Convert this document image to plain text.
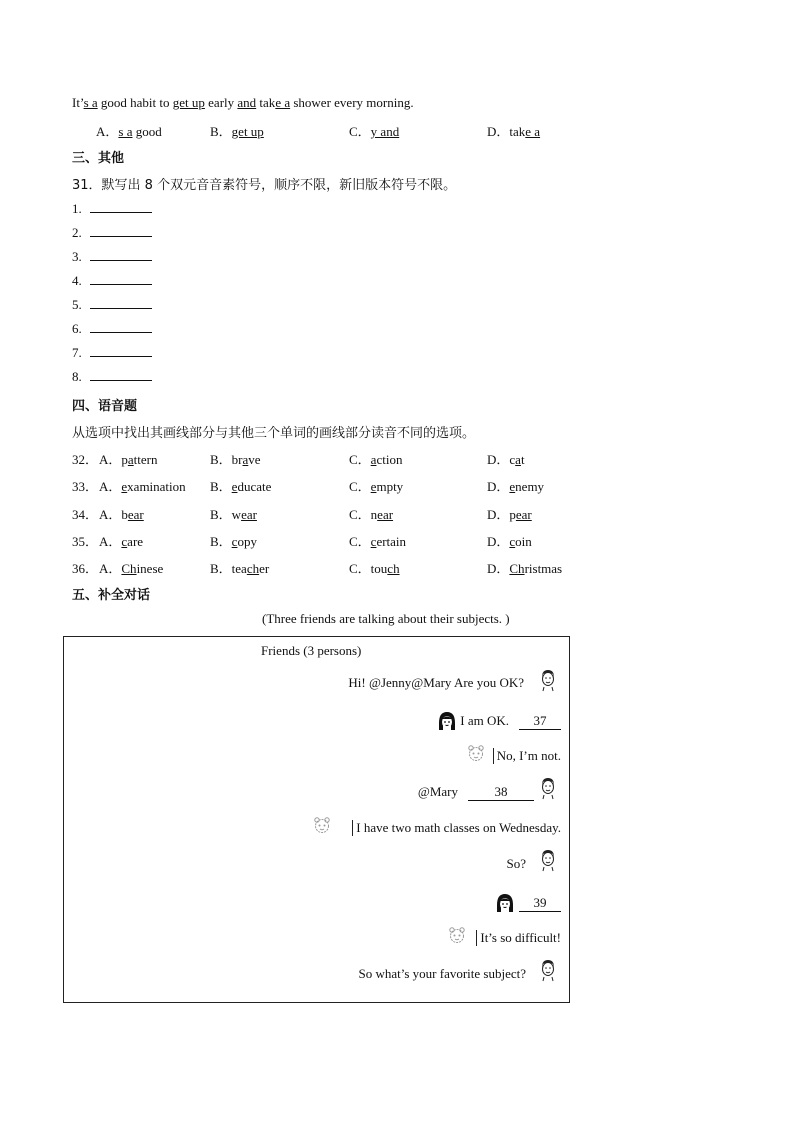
It’s a good habit to get up early and take a shower every morning.
A．s a good	B．get up	C．y and	D．take a
三、其他
31．默写出 8 个双元音音素符号，顺序不限，新旧版本符号不限。
1.
2.
3.
4.
5.
6.
7.
8.
四、语音题
从选项中找出其画线部分与其他三个单词的画线部分读音不同的选项。
32． A．pattern	B．brave	C．action	D．cat
33． A．examination B．educate	C．empty	D．enemy
34． A．bear	B．wear	C．near	D．pear
35． A．care	B．copy	C．certain	D．coin
36． A．Chinese	B．teacher	C．touch	D．Christmas
五、补全对话
(Three friends are talking about their subjects. )
Friends (3 persons)
Hi! @Jenny@Mary Are you OK?
I am OK. 37
No, I’m not.
@Mary	38
I have two math classes on Wednesday.
So?
39
It’s so difficult!
So what’s your favorite subject?
